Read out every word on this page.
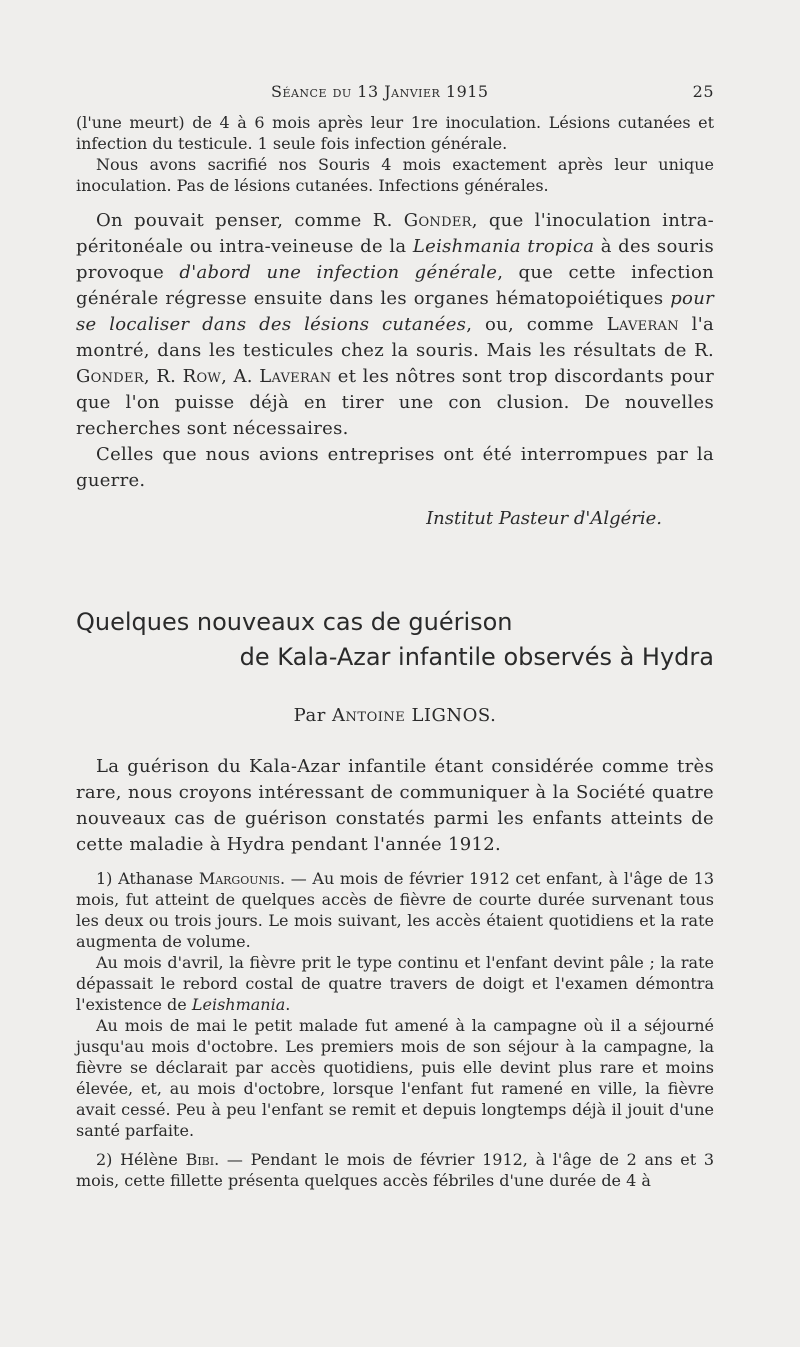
Séance du 13 Janvier 1915	25

(l'une meurt) de 4 à 6 mois après leur 1re inoculation. Lésions cutanées et infection du testicule. 1 seule fois infection générale.

Nous avons sacrifié nos Souris 4 mois exactement après leur unique inoculation. Pas de lésions cutanées. Infections générales.

On pouvait penser, comme R. Gonder, que l'inoculation intra-péritonéale ou intra-veineuse de la Leishmania tropica à des souris provoque d'abord une infection générale, que cette infection générale régresse ensuite dans les organes hématopoiétiques pour se localiser dans des lésions cutanées, ou, comme Laveran l'a montré, dans les testicules chez la souris. Mais les résultats de R. Gonder, R. Row, A. Laveran et les nôtres sont trop discordants pour que l'on puisse déjà en tirer une con clusion. De nouvelles recherches sont nécessaires.

Celles que nous avions entreprises ont été interrompues par la guerre.

Institut Pasteur d'Algérie.
Quelques nouveaux cas de guérison
de Kala-Azar infantile observés à Hydra
Par Antoine LIGNOS.

La guérison du Kala-Azar infantile étant considérée comme très rare, nous croyons intéressant de communiquer à la Société quatre nouveaux cas de guérison constatés parmi les enfants atteints de cette maladie à Hydra pendant l'année 1912.

1) Athanase Margounis. — Au mois de février 1912 cet enfant, à l'âge de 13 mois, fut atteint de quelques accès de fièvre de courte durée survenant tous les deux ou trois jours. Le mois suivant, les accès étaient quotidiens et la rate augmenta de volume.

Au mois d'avril, la fièvre prit le type continu et l'enfant devint pâle ; la rate dépassait le rebord costal de quatre travers de doigt et l'examen démontra l'existence de Leishmania.

Au mois de mai le petit malade fut amené à la campagne où il a séjourné jusqu'au mois d'octobre. Les premiers mois de son séjour à la campagne, la fièvre se déclarait par accès quotidiens, puis elle devint plus rare et moins élevée, et, au mois d'octobre, lorsque l'enfant fut ramené en ville, la fièvre avait cessé. Peu à peu l'enfant se remit et depuis longtemps déjà il jouit d'une santé parfaite.

2) Hélène Bibi. — Pendant le mois de février 1912, à l'âge de 2 ans et 3 mois, cette fillette présenta quelques accès fébriles d'une durée de 4 à
